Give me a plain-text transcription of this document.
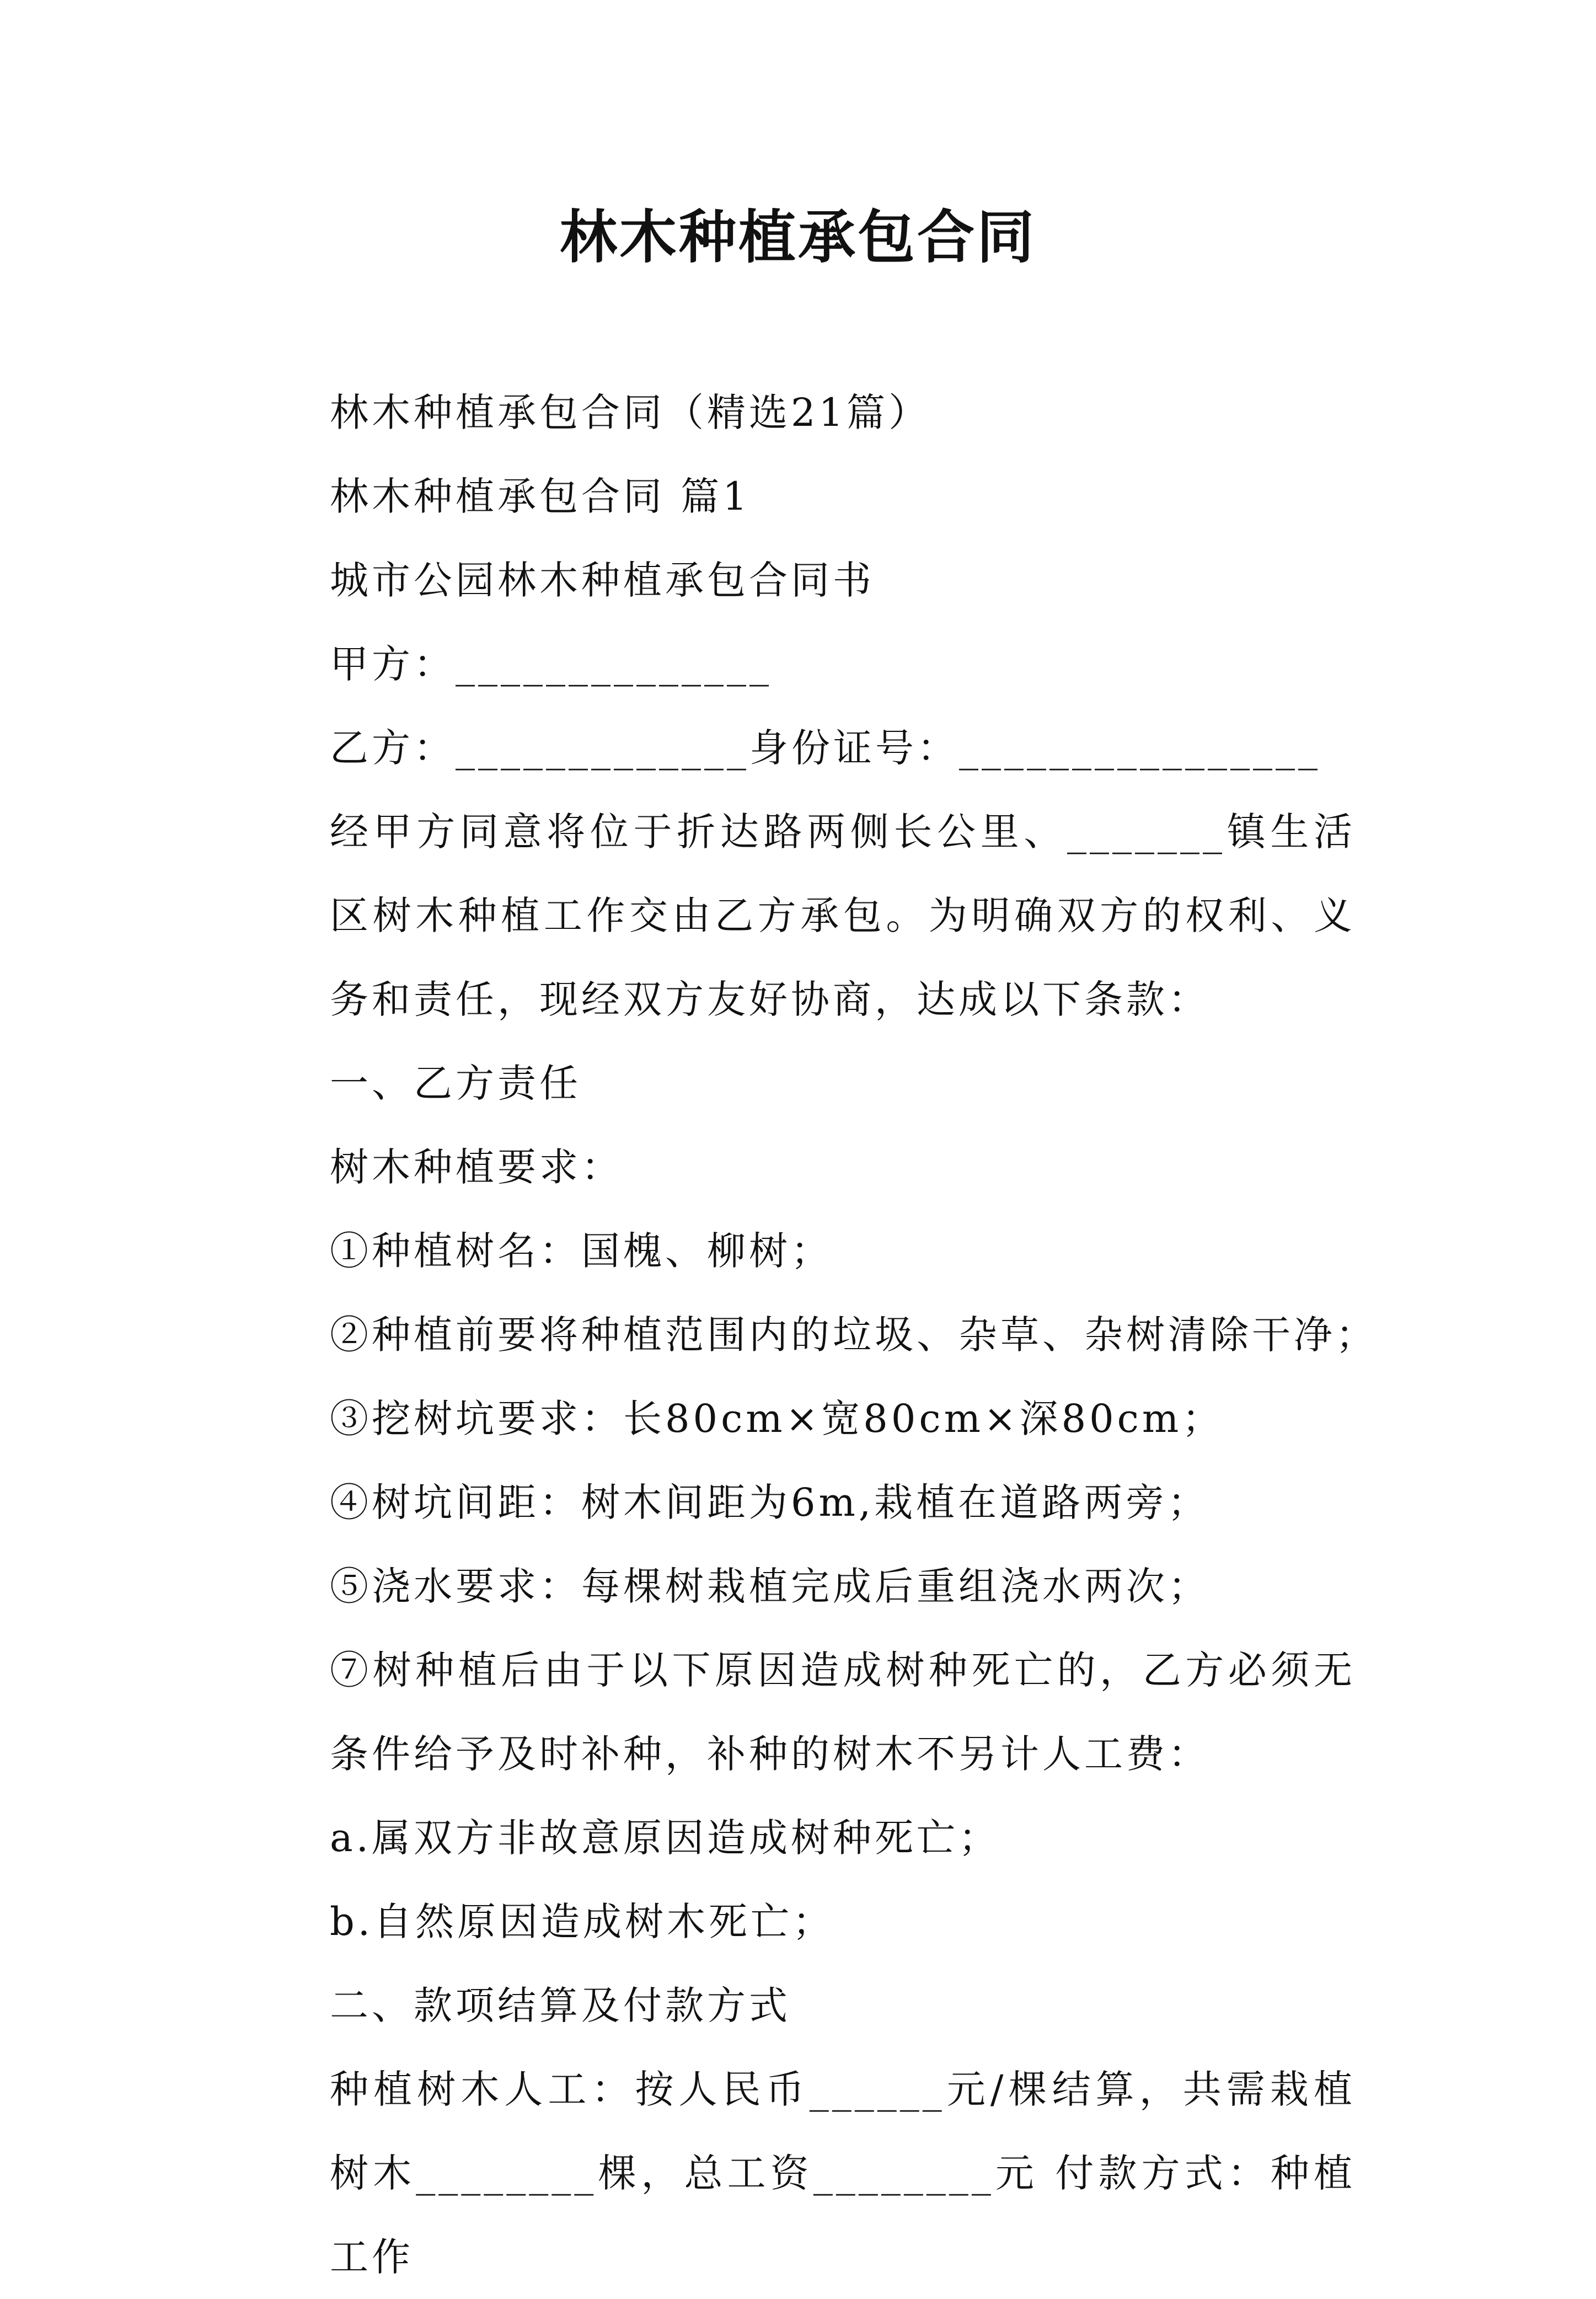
林木种植承包合同

林木种植承包合同（精选21篇）

林木种植承包合同 篇1

城市公园林木种植承包合同书

甲方：______________

乙方：_____________身份证号：________________

经甲方同意将位于折达路两侧长公里、_______镇生活区树木种植工作交由乙方承包。为明确双方的权利、义务和责任，现经双方友好协商，达成以下条款：

一、乙方责任

树木种植要求：

①种植树名：国槐、柳树；

②种植前要将种植范围内的垃圾、杂草、杂树清除干净；

③挖树坑要求：长80cm×宽80cm×深80cm；

④树坑间距：树木间距为6m,栽植在道路两旁；

⑤浇水要求：每棵树栽植完成后重组浇水两次；

⑦树种植后由于以下原因造成树种死亡的，乙方必须无条件给予及时补种，补种的树木不另计人工费：

a.属双方非故意原因造成树种死亡；

b.自然原因造成树木死亡；

二、款项结算及付款方式

种植树木人工：按人民币______元/棵结算，共需栽植树木________棵，总工资________元 付款方式：种植工作
